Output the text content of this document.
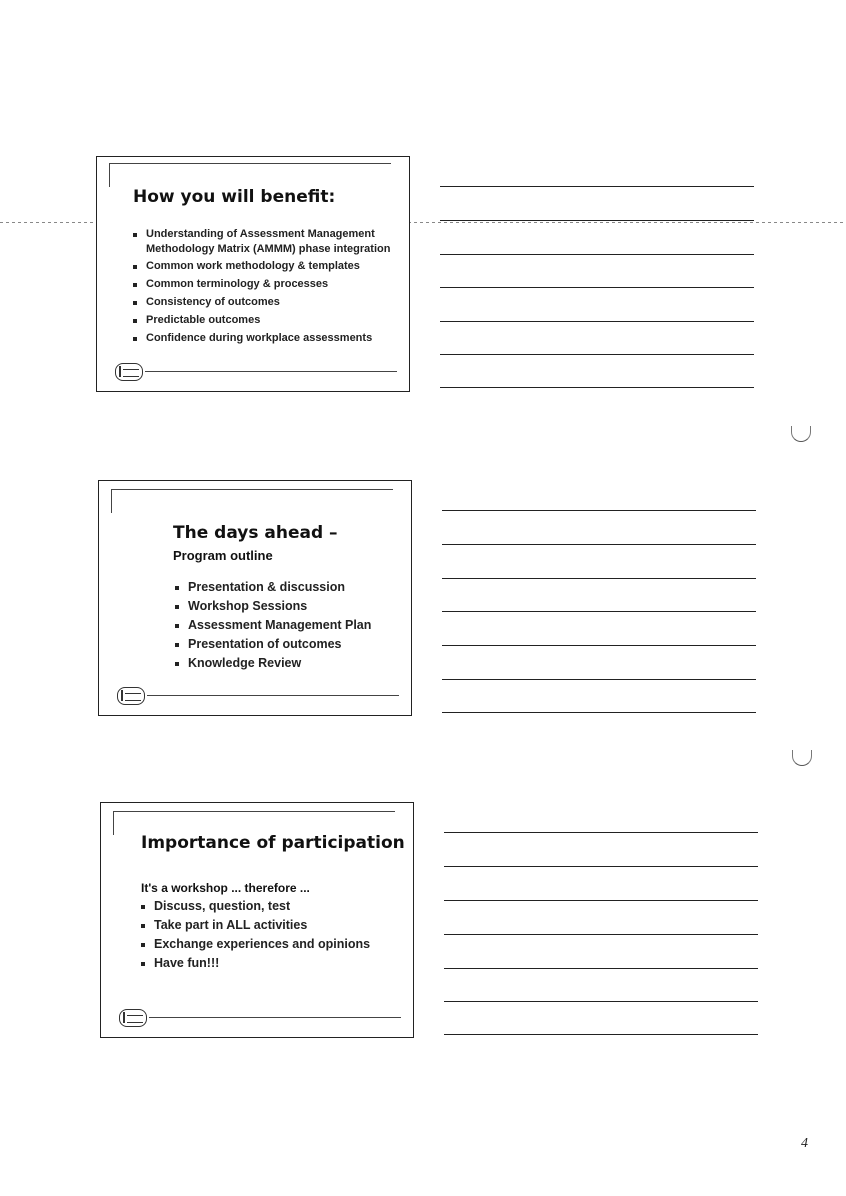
How you will benefit:
Understanding of Assessment Management Methodology Matrix (AMMM) phase integration
Common work methodology & templates
Common terminology & processes
Consistency of outcomes
Predictable outcomes
Confidence during workplace assessments
The days ahead –
Program outline
Presentation & discussion
Workshop Sessions
Assessment Management Plan
Presentation of outcomes
Knowledge Review
Importance of participation
It's a workshop ... therefore ...
Discuss, question, test
Take part in ALL activities
Exchange experiences and opinions
Have fun!!!
4
